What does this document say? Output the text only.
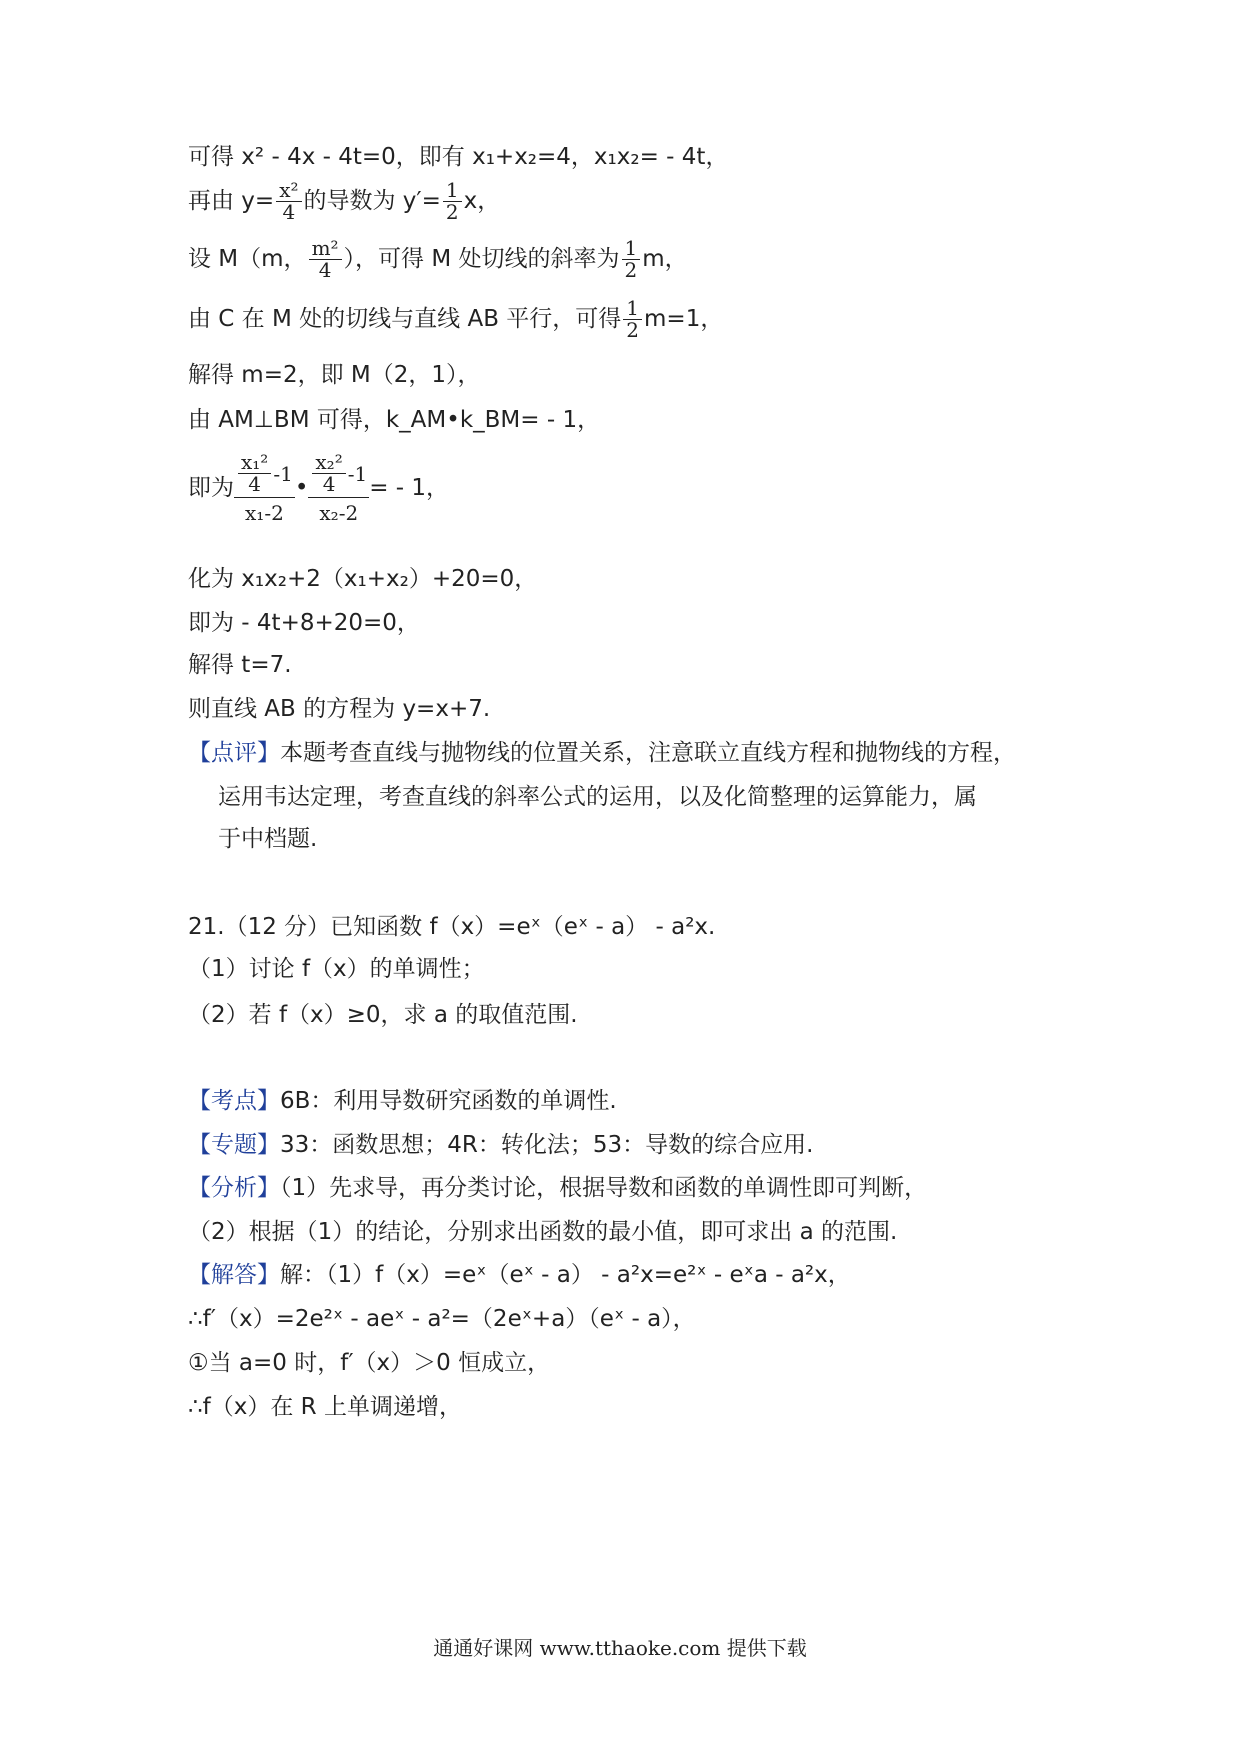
可得 x² - 4x - 4t=0，即有 x₁+x₂=4，x₁x₂= - 4t，
再由 $y= \frac{\text{x²}}{4}$ 的导数为 $y'= \frac{1}{2}$ x，
设 M（m， $\frac{\text{m²}}{4}$ ），可得 M 处切线的斜率为 $\frac{1}{2}$ m，
由 C 在 M 处的切线与直线 AB 平行，可得 $\frac{1}{2} m=1$，
解得 m=2，即 M（2，1），
由 AM⊥BM 可得，k_AM•k_BM= - 1，
即为 $\frac{\frac{\text{x₁²}}{4} -1}{\text{x₁-2}}$ • $\frac{\frac{\text{x₂²}}{4} -1}{\text{x₂-2}}$ = - 1，
化为 x₁x₂+2（x₁+x₂）+20=0，
即为 - 4t+8+20=0，
解得 t=7.
则直线 AB 的方程为 y=x+7.
【点评】本题考查直线与抛物线的位置关系，注意联立直线方程和抛物线的方程，
运用韦达定理，考查直线的斜率公式的运用，以及化简整理的运算能力，属
于中档题.
21.（12 分）已知函数 f（x）=eˣ（eˣ - a） - a²x.
（1）讨论 f（x）的单调性；
（2）若 f（x）≥0，求 a 的取值范围.
【考点】6B：利用导数研究函数的单调性.
【专题】33：函数思想；4R：转化法；53：导数的综合应用.
【分析】（1）先求导，再分类讨论，根据导数和函数的单调性即可判断，
（2）根据（1）的结论，分别求出函数的最小值，即可求出 a 的范围.
【解答】解：（1）f（x）=eˣ（eˣ - a） - a²x=e²ˣ - eˣa - a²x，
∴f′（x）=2e²ˣ - aeˣ - a²=（2eˣ+a）（eˣ - a），
①当 a=0 时，f′（x）＞0 恒成立，
∴f（x）在 R 上单调递增，
通通好课网 www.tthaoke.com 提供下载
